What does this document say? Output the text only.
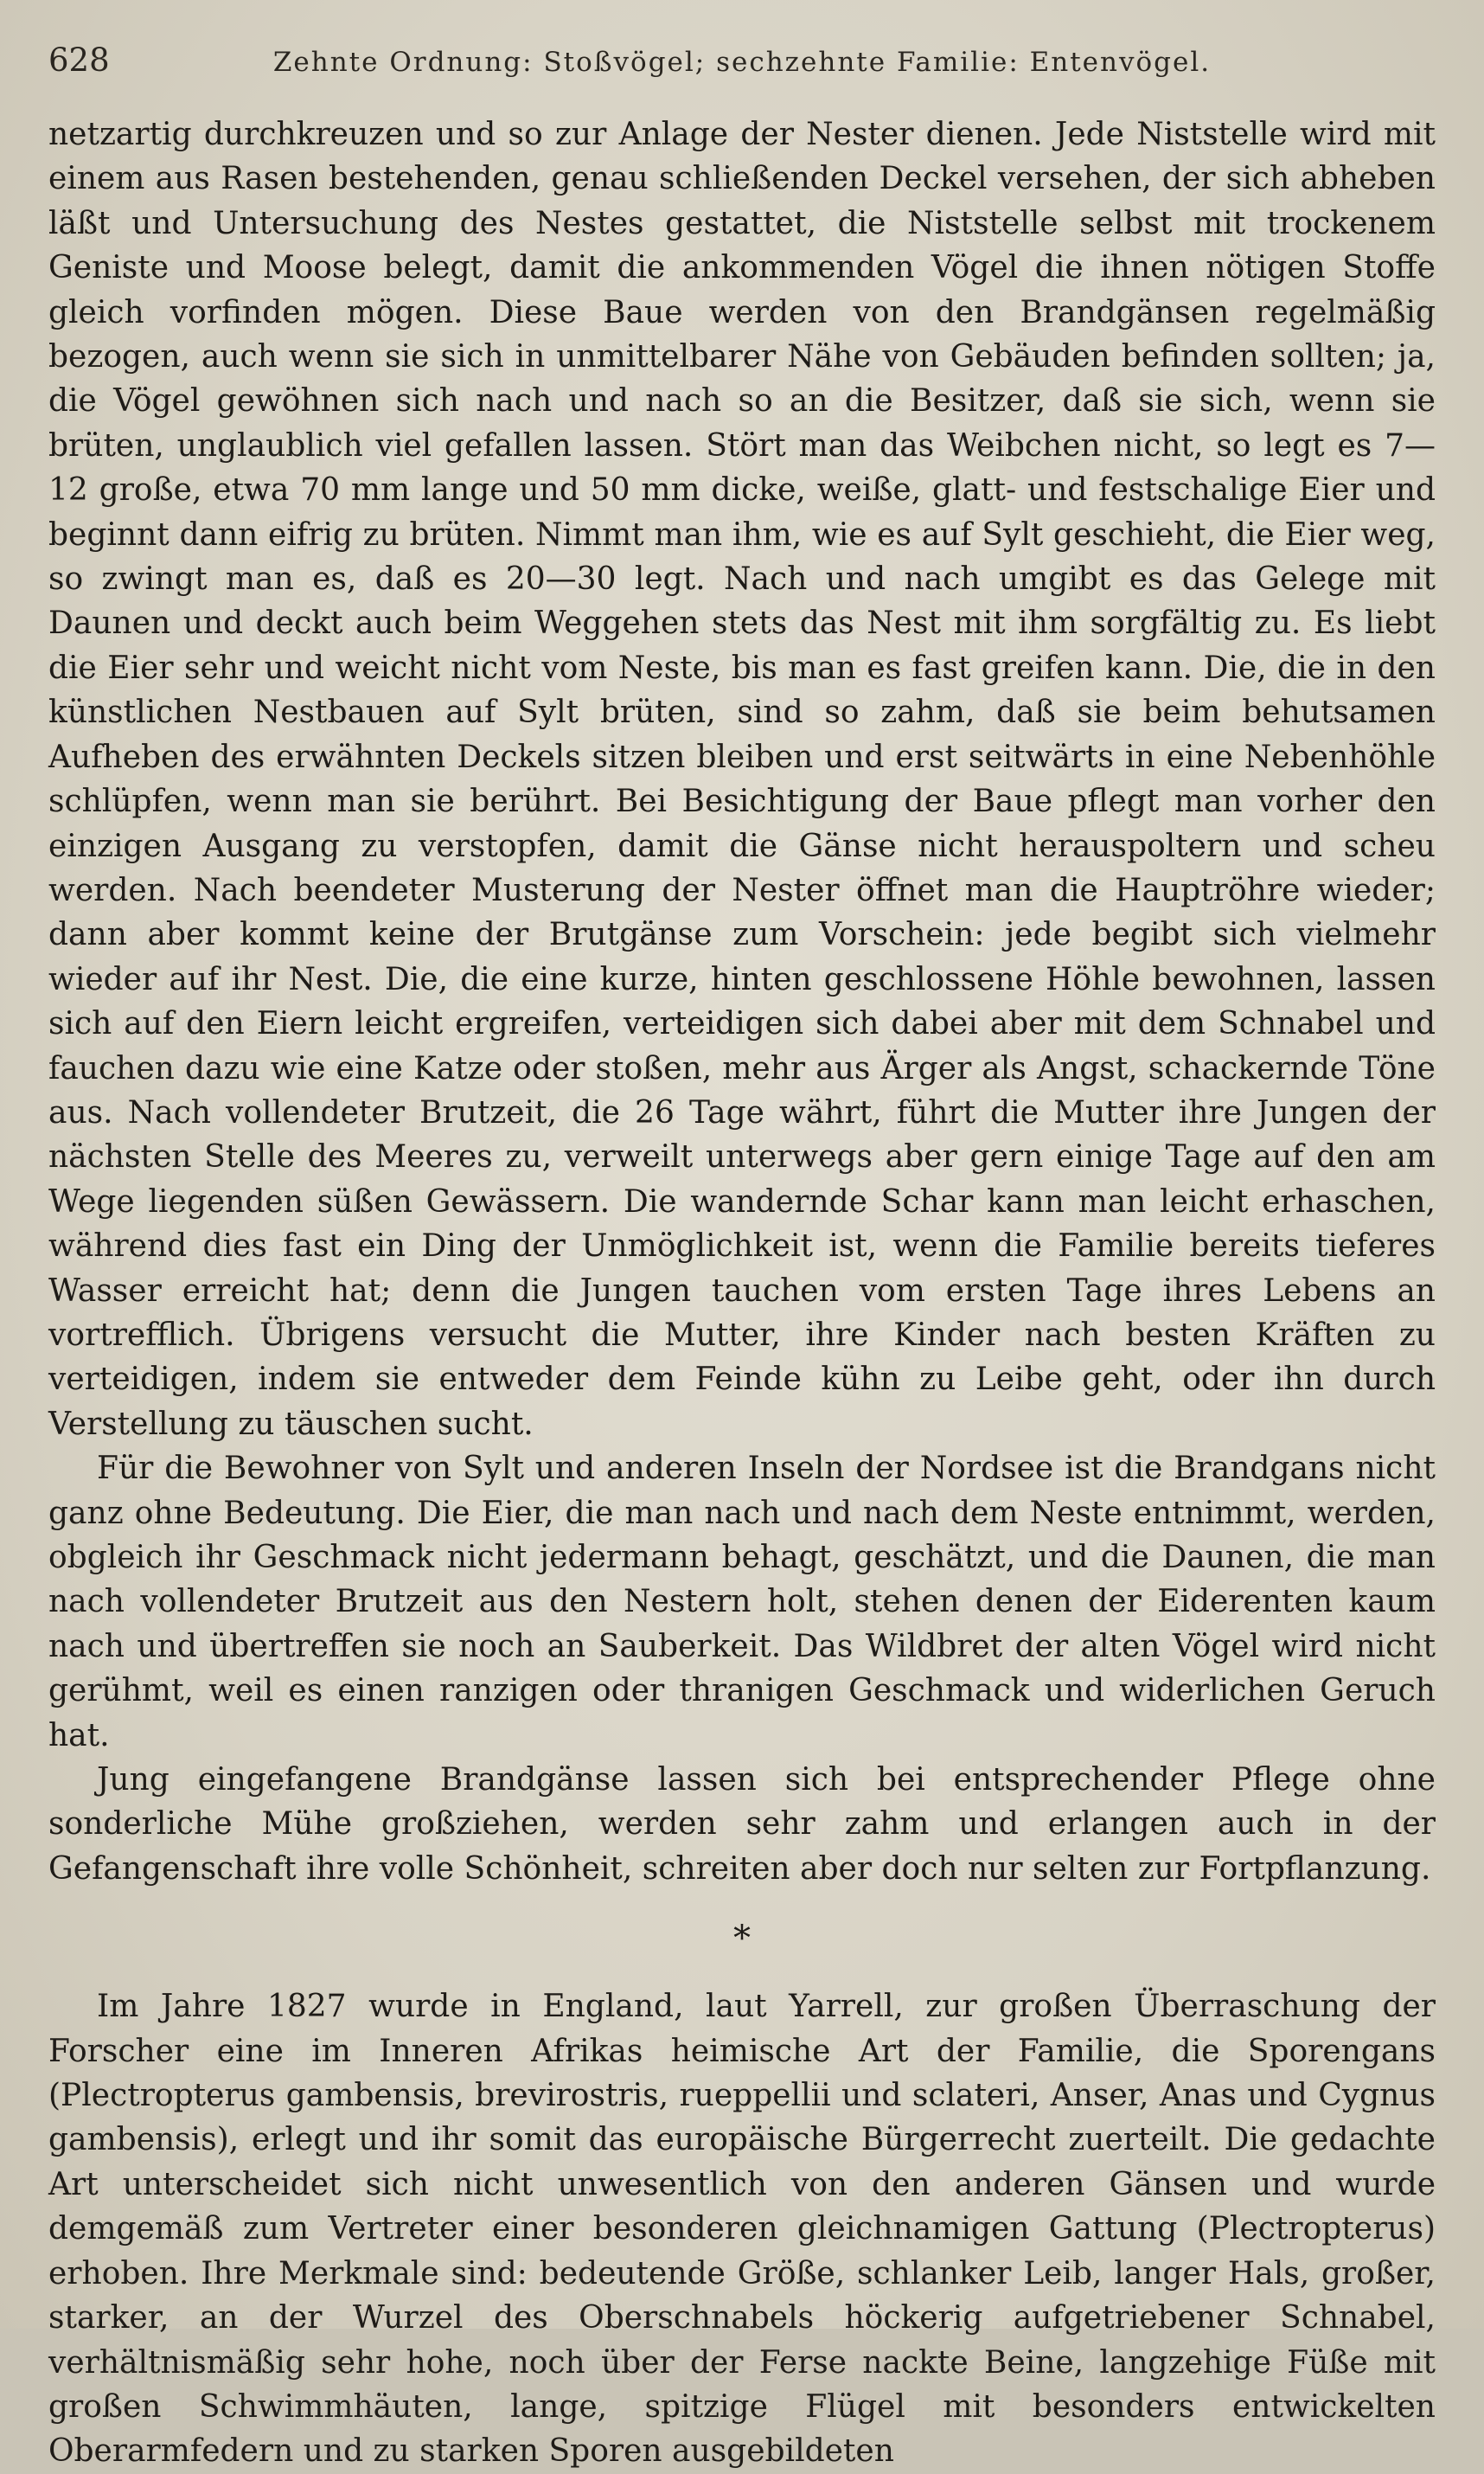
628	Zehnte Ordnung: Stoßvögel; sechzehnte Familie: Entenvögel.

netzartig durchkreuzen und so zur Anlage der Nester dienen. Jede Niststelle wird mit einem aus Rasen bestehenden, genau schließenden Deckel versehen, der sich abheben läßt und Untersuchung des Nestes gestattet, die Niststelle selbst mit trockenem Geniste und Moose belegt, damit die ankommenden Vögel die ihnen nötigen Stoffe gleich vorfinden mögen. Diese Baue werden von den Brandgänsen regelmäßig bezogen, auch wenn sie sich in unmittelbarer Nähe von Gebäuden befinden sollten; ja, die Vögel gewöhnen sich nach und nach so an die Besitzer, daß sie sich, wenn sie brüten, unglaublich viel gefallen lassen. Stört man das Weibchen nicht, so legt es 7—12 große, etwa 70 mm lange und 50 mm dicke, weiße, glatt- und festschalige Eier und beginnt dann eifrig zu brüten. Nimmt man ihm, wie es auf Sylt geschieht, die Eier weg, so zwingt man es, daß es 20—30 legt. Nach und nach umgibt es das Gelege mit Daunen und deckt auch beim Weggehen stets das Nest mit ihm sorgfältig zu. Es liebt die Eier sehr und weicht nicht vom Neste, bis man es fast greifen kann. Die, die in den künstlichen Nestbauen auf Sylt brüten, sind so zahm, daß sie beim behutsamen Aufheben des erwähnten Deckels sitzen bleiben und erst seitwärts in eine Nebenhöhle schlüpfen, wenn man sie berührt. Bei Besichtigung der Baue pflegt man vorher den einzigen Ausgang zu verstopfen, damit die Gänse nicht herauspoltern und scheu werden. Nach beendeter Musterung der Nester öffnet man die Hauptröhre wieder; dann aber kommt keine der Brutgänse zum Vorschein: jede begibt sich vielmehr wieder auf ihr Nest. Die, die eine kurze, hinten geschlossene Höhle bewohnen, lassen sich auf den Eiern leicht ergreifen, verteidigen sich dabei aber mit dem Schnabel und fauchen dazu wie eine Katze oder stoßen, mehr aus Ärger als Angst, schackernde Töne aus. Nach vollendeter Brutzeit, die 26 Tage währt, führt die Mutter ihre Jungen der nächsten Stelle des Meeres zu, verweilt unterwegs aber gern einige Tage auf den am Wege liegenden süßen Gewässern. Die wandernde Schar kann man leicht erhaschen, während dies fast ein Ding der Unmöglichkeit ist, wenn die Familie bereits tieferes Wasser erreicht hat; denn die Jungen tauchen vom ersten Tage ihres Lebens an vortrefflich. Übrigens versucht die Mutter, ihre Kinder nach besten Kräften zu verteidigen, indem sie entweder dem Feinde kühn zu Leibe geht, oder ihn durch Verstellung zu täuschen sucht.

Für die Bewohner von Sylt und anderen Inseln der Nordsee ist die Brandgans nicht ganz ohne Bedeutung. Die Eier, die man nach und nach dem Neste entnimmt, werden, obgleich ihr Geschmack nicht jedermann behagt, geschätzt, und die Daunen, die man nach vollendeter Brutzeit aus den Nestern holt, stehen denen der Eiderenten kaum nach und übertreffen sie noch an Sauberkeit. Das Wildbret der alten Vögel wird nicht gerühmt, weil es einen ranzigen oder thranigen Geschmack und widerlichen Geruch hat.

Jung eingefangene Brandgänse lassen sich bei entsprechender Pflege ohne sonderliche Mühe großziehen, werden sehr zahm und erlangen auch in der Gefangenschaft ihre volle Schönheit, schreiten aber doch nur selten zur Fortpflanzung.

*

Im Jahre 1827 wurde in England, laut Yarrell, zur großen Überraschung der Forscher eine im Inneren Afrikas heimische Art der Familie, die Sporengans (Plectropterus gambensis, brevirostris, rueppellii und sclateri, Anser, Anas und Cygnus gambensis), erlegt und ihr somit das europäische Bürgerrecht zuerteilt. Die gedachte Art unterscheidet sich nicht unwesentlich von den anderen Gänsen und wurde demgemäß zum Vertreter einer besonderen gleichnamigen Gattung (Plectropterus) erhoben. Ihre Merkmale sind: bedeutende Größe, schlanker Leib, langer Hals, großer, starker, an der Wurzel des Oberschnabels höckerig aufgetriebener Schnabel, verhältnismäßig sehr hohe, noch über der Ferse nackte Beine, langzehige Füße mit großen Schwimmhäuten, lange, spitzige Flügel mit besonders entwickelten Oberarmfedern und zu starken Sporen ausgebildeten
